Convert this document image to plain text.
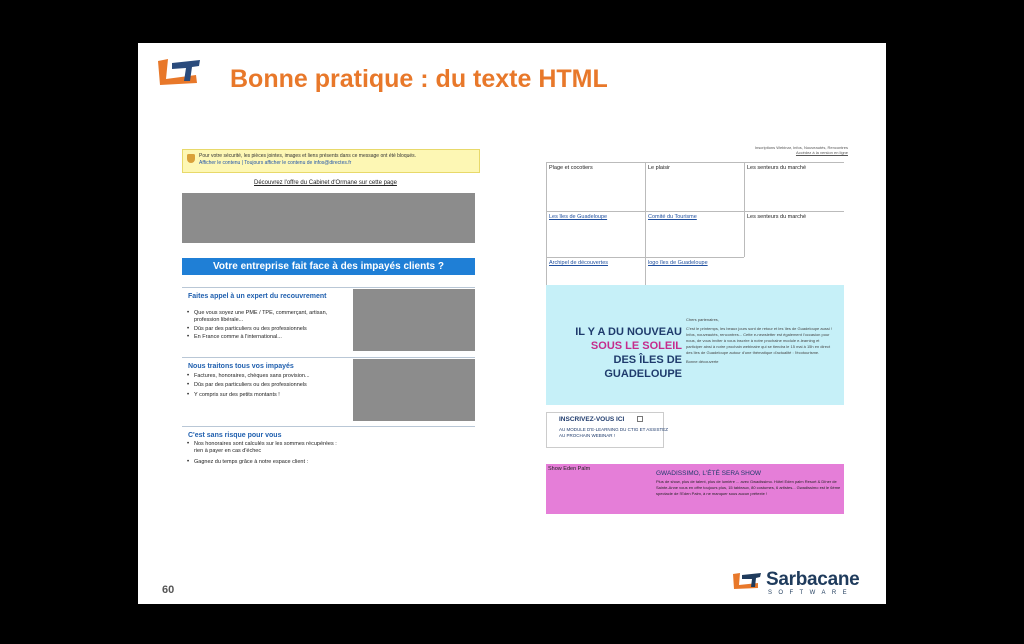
Bonne pratique : du texte HTML
Pour votre sécurité, les pièces jointes, images et liens présents dans ce message ont été bloqués.
Afficher le contenu | Toujours afficher le contenu de infos@directes.fr
Découvrez l'offre du Cabinet d'Ormane sur cette page
Votre entreprise fait face à des impayés clients ?
Faites appel à un expert du recouvrement
• Que vous soyez une PME / TPE, commerçant, artisan, profession libérale...
• Dûs par des particuliers ou des professionnels
• En France comme à l'international...
Nous traitons tous vos impayés
• Factures, honoraires, chèques sans provision...
• Dûs par des particuliers ou des professionnels
• Y compris sur des petits montants !
C'est sans risque pour vous
• Nos honoraires sont calculés sur les sommes récupérées : rien à payer en cas d'échec
• Gagnez du temps grâce à notre espace client :
Inscriptions Webinar, Infos, Nouveautés, Rencontres
Accédez à la version en ligne
Plage et cocotiers	Le plaisir	Les senteurs du marché
Les îles de Guadeloupe	Comité du Tourisme	Les senteurs du marché
Archipel de découvertes	logo îles de Guadeloupe
IL Y A DU NOUVEAU
SOUS LE SOLEIL
DES ÎLES DE
GUADELOUPE
Chers partenaires,
C'est le printemps, les beaux jours sont de retour et les îles de Guadeloupe aussi ! Infos, nouveautés, rencontres... Cette e-newsletter est également l'occasion pour nous, de vous inviter à vous inscrire à notre prochaine module e-learning et participer ainsi à notre prochain webinaire qui se tiendra le 15 mai à 15h en direct des îles de Guadeloupe autour d'une thématique d'actualité : l'écotourisme.
Bonne découverte
INSCRIVEZ-VOUS ICI
AU MODULE D'E-LEARNING DU CTIG ET ASSISTEZ AU PROCHAIN WEBINAR !
Show Eden Palm
GWADISSIMO, L'ÉTÉ SERA SHOW
Plus de show, plus de talent, plus de lumière ... avec Gwadissimo. Hôtel Eden palm Resort & Dîner de Sainte-Anne vous en offre toujours plus, 15 tableaux, 80 costumes, 6 artistes... Gwadissimo est le 6ème spectacle de l'Eden Palm, à ne manquer sous aucun prétexte !
60	Sarbacane
SOFTWARE
